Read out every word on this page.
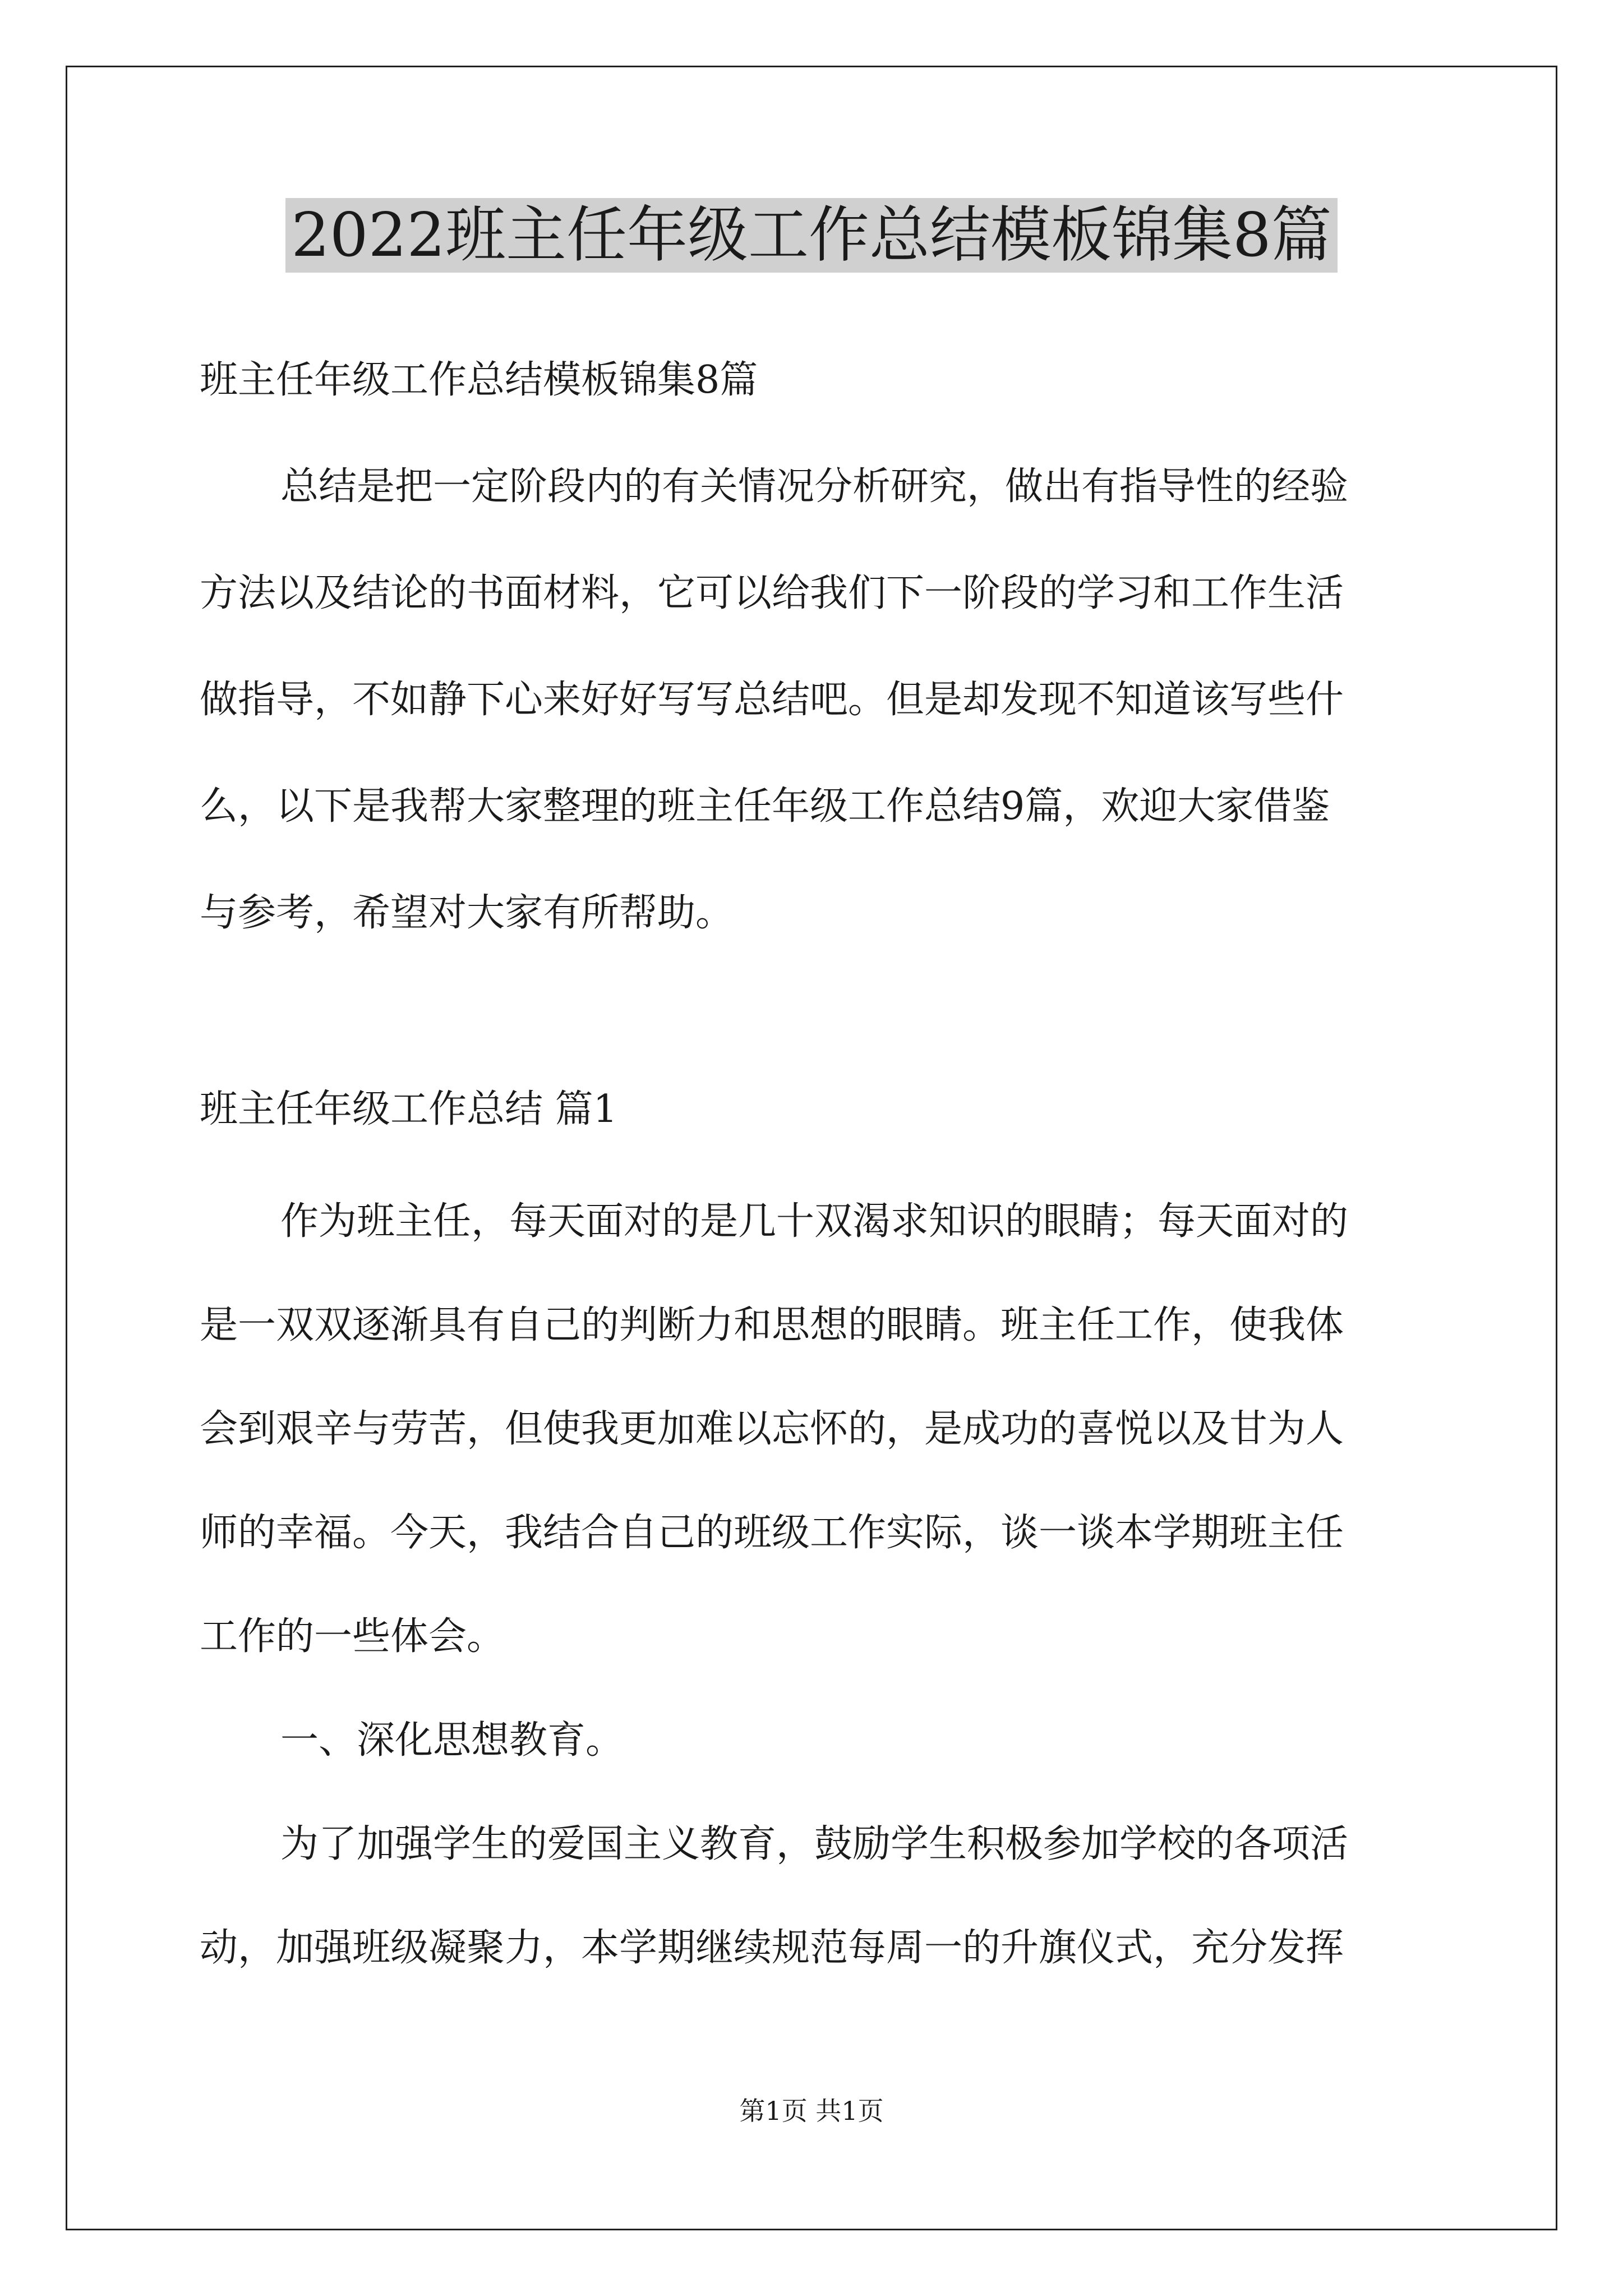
2022班主任年级工作总结模板锦集8篇
班主任年级工作总结模板锦集8篇
总结是把一定阶段内的有关情况分析研究，做出有指导性的经验
方法以及结论的书面材料，它可以给我们下一阶段的学习和工作生活
做指导，不如静下心来好好写写总结吧。但是却发现不知道该写些什
么，以下是我帮大家整理的班主任年级工作总结9篇，欢迎大家借鉴
与参考，希望对大家有所帮助。
班主任年级工作总结 篇1
作为班主任，每天面对的是几十双渴求知识的眼睛；每天面对的
是一双双逐渐具有自己的判断力和思想的眼睛。班主任工作，使我体
会到艰辛与劳苦，但使我更加难以忘怀的，是成功的喜悦以及甘为人
师的幸福。今天，我结合自己的班级工作实际，谈一谈本学期班主任
工作的一些体会。
一、深化思想教育。
为了加强学生的爱国主义教育，鼓励学生积极参加学校的各项活
动，加强班级凝聚力，本学期继续规范每周一的升旗仪式，充分发挥
第1页 共1页
